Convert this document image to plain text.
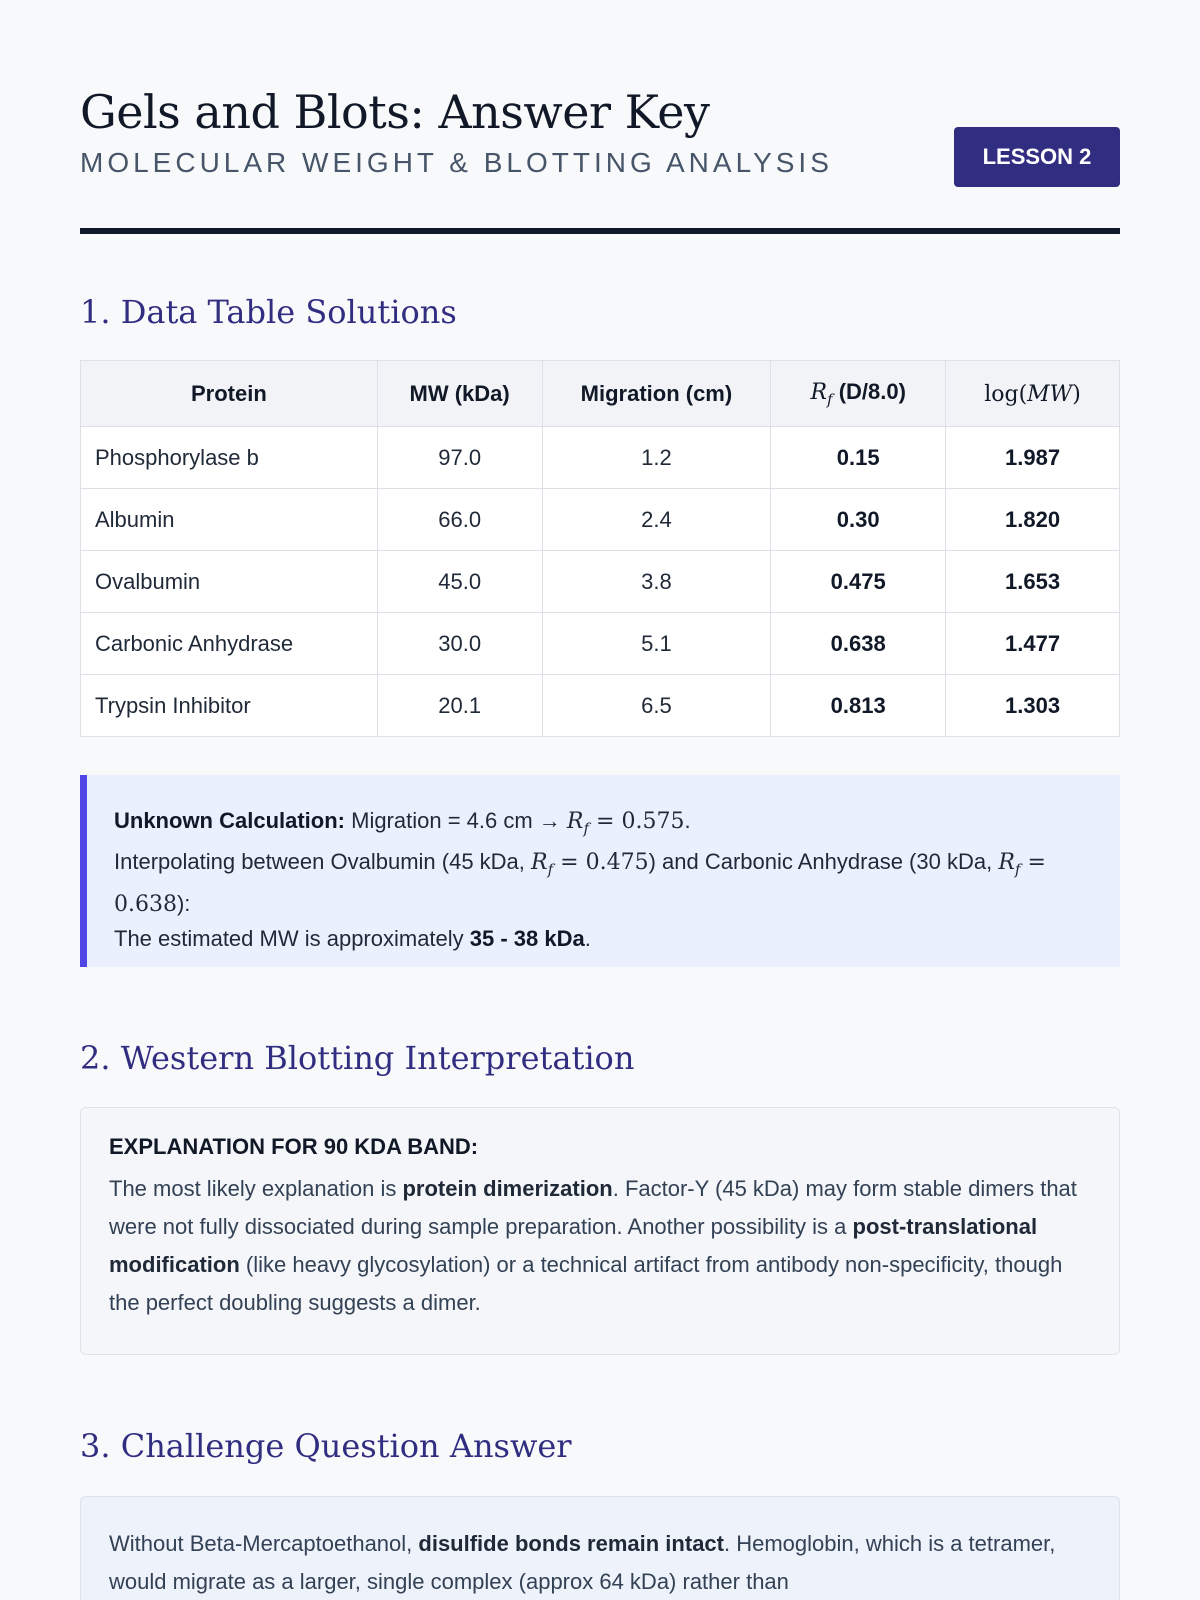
Gels and Blots: Answer Key
MOLECULAR WEIGHT & BLOTTING ANALYSIS	LESSON 2
1. Data Table Solutions
Protein	MW (kDa)	Migration (cm)	$R_f$ (D/8.0)	log(MW)
Phosphorylase b	97.0	1.2	0.15	1.987
Albumin	66.0	2.4	0.30	1.820
Ovalbumin	45.0	3.8	0.475	1.653
Carbonic Anhydrase	30.0	5.1	0.638	1.477
Trypsin Inhibitor	20.1	6.5	0.813	1.303
Unknown Calculation: Migration = 4.6 cm → $R_f = 0.575$.
Interpolating between Ovalbumin (45 kDa, $R_f = 0.475$) and Carbonic Anhydrase (30 kDa, $R_f = 0.638$):
The estimated MW is approximately 35 - 38 kDa.
2. Western Blotting Interpretation
EXPLANATION FOR 90 KDA BAND:

The most likely explanation is protein dimerization. Factor-Y (45 kDa) may form stable dimers that were not fully dissociated during sample preparation. Another possibility is a post-translational modification (like heavy glycosylation) or a technical artifact from antibody non-specificity, though the perfect doubling suggests a dimer.

3. Challenge Question Answer

Without Beta-Mercaptoethanol, disulfide bonds remain intact. Hemoglobin, which is a tetramer, would migrate as a larger, single complex (approx 64 kDa) rather than
